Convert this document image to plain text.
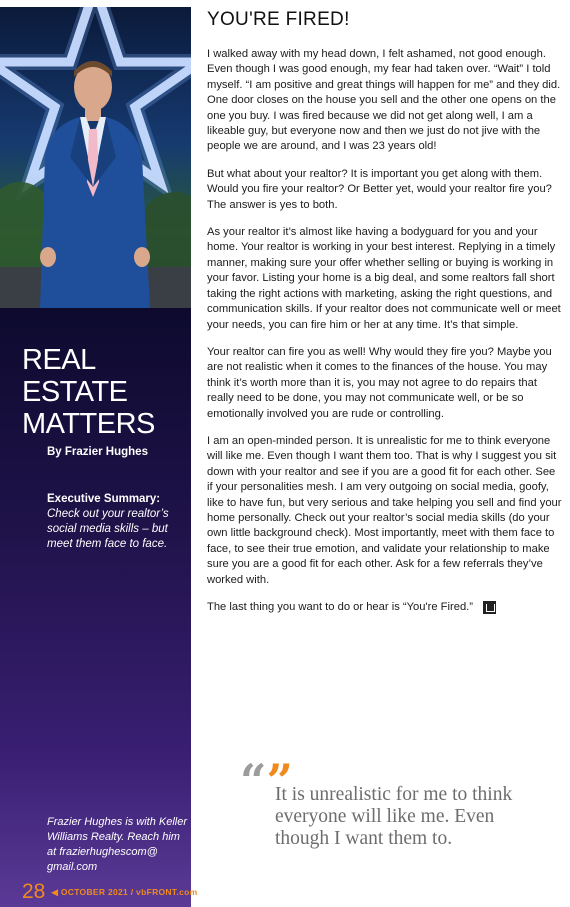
REAL ESTATE MATTERS
By Frazier Hughes
Executive Summary:
Check out your realtor’s social media skills – but meet them face to face.
Frazier Hughes is with Keller Williams Realty. Reach him at frazierhughescom@ gmail.com
28 ◀ OCTOBER 2021 / vbFRONT.com
YOU'RE FIRED!

I walked away with my head down, I felt ashamed, not good enough. Even though I was good enough, my fear had taken over. “Wait” I told myself. “I am positive and great things will happen for me” and they did. One door closes on the house you sell and the other one opens on the one you buy. I was fired because we did not get along well, I am a likeable guy, but everyone now and then we just do not jive with the people we are around, and I was 23 years old!

But what about your realtor? It is important you get along with them. Would you fire your realtor? Or Better yet, would your realtor fire you? The answer is yes to both.

As your realtor it’s almost like having a bodyguard for you and your home. Your realtor is working in your best interest. Replying in a timely manner, making sure your offer whether selling or buying is working in your favor. Listing your home is a big deal, and some realtors fall short taking the right actions with marketing, asking the right questions, and communication skills. If your realtor does not communicate well or meet your needs, you can fire him or her at any time. It’s that simple.

Your realtor can fire you as well! Why would they fire you? Maybe you are not realistic when it comes to the finances of the house. You may think it’s worth more than it is, you may not agree to do repairs that really need to be done, you may not communicate well, or be so emotionally involved you are rude or controlling.

I am an open-minded person. It is unrealistic for me to think everyone will like me. Even though I want them too. That is why I suggest you sit down with your realtor and see if you are a good fit for each other. See if your personalities mesh. I am very outgoing on social media, goofy, like to have fun, but very serious and take helping you sell and find your home personally. Check out your realtor’s social media skills (do your own little background check). Most importantly, meet with them face to face, to see their true emotion, and validate your relationship to make sure you are a good fit for each other. Ask for a few referrals they’ve worked with.

The last thing you want to do or hear is “You're Fired.”

“”
It is unrealistic for me to think everyone will like me. Even though I want them to.
